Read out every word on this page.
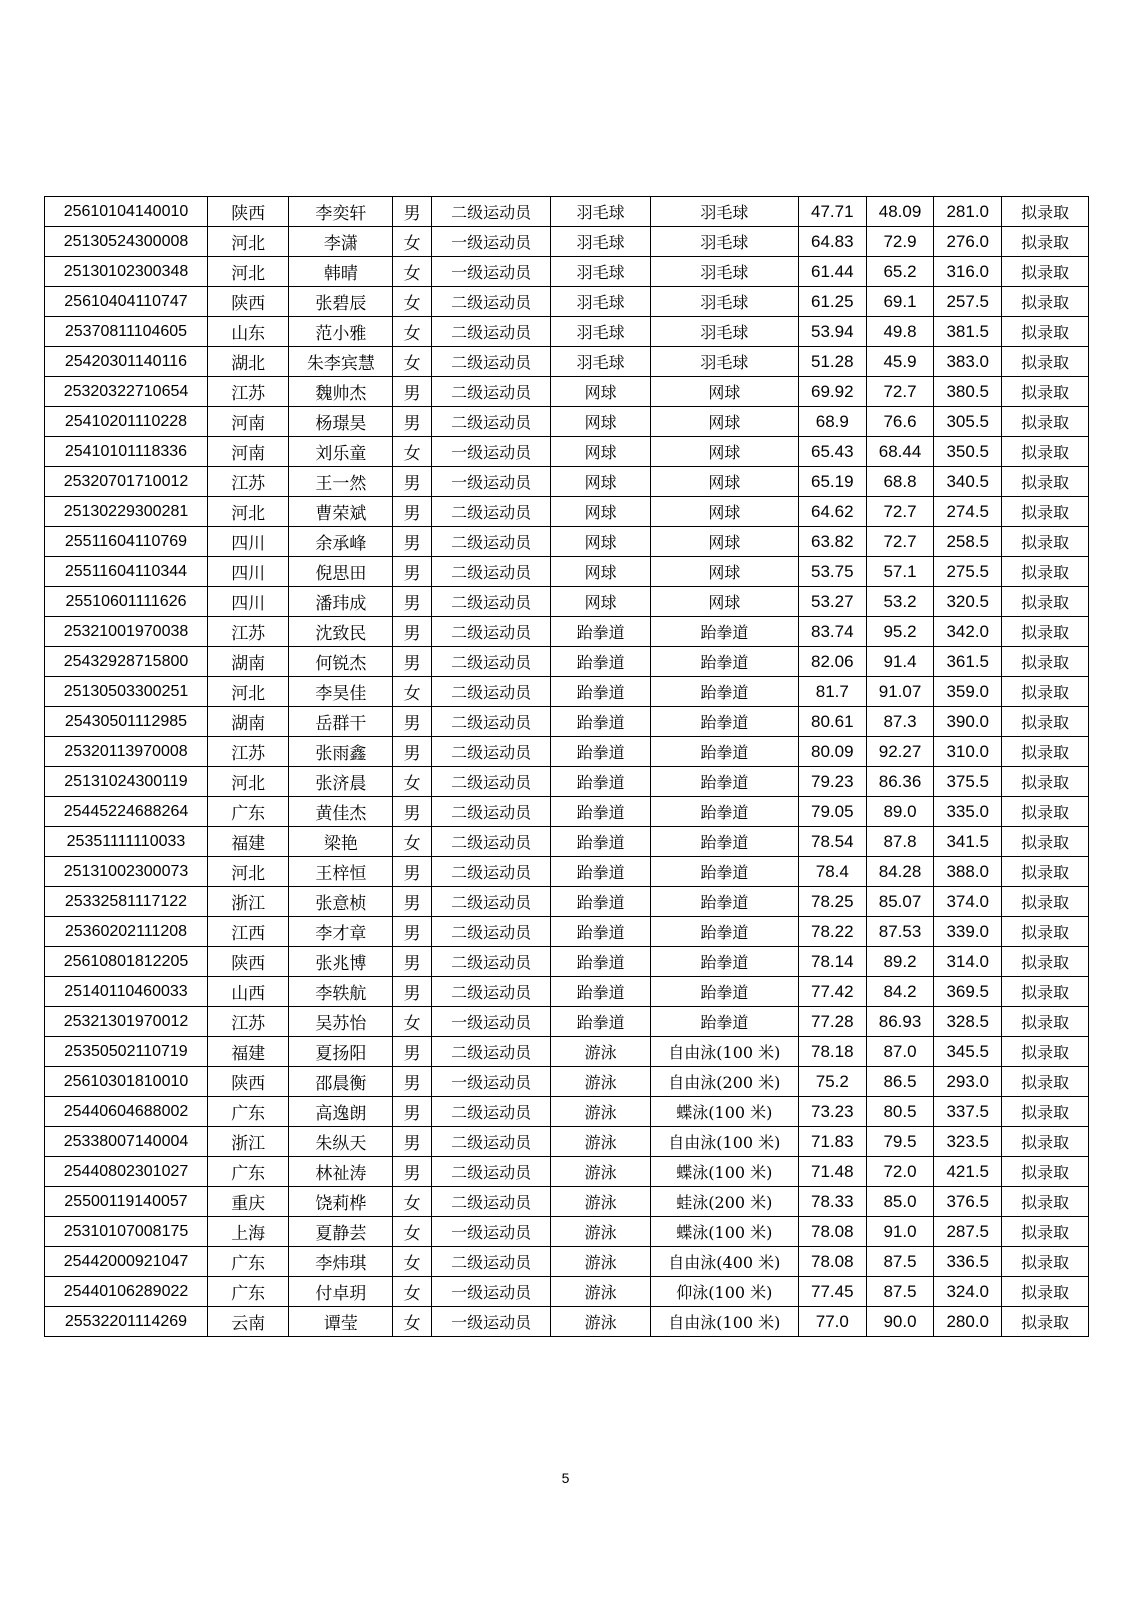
25610104140010	陕西	李奕轩	男	二级运动员	羽毛球	羽毛球	47.71	48.09	281.0	拟录取
25130524300008	河北	李潇	女	一级运动员	羽毛球	羽毛球	64.83	72.9	276.0	拟录取
25130102300348	河北	韩晴	女	一级运动员	羽毛球	羽毛球	61.44	65.2	316.0	拟录取
25610404110747	陕西	张碧辰	女	二级运动员	羽毛球	羽毛球	61.25	69.1	257.5	拟录取
25370811104605	山东	范小雅	女	二级运动员	羽毛球	羽毛球	53.94	49.8	381.5	拟录取
25420301140116	湖北	朱李宾慧	女	二级运动员	羽毛球	羽毛球	51.28	45.9	383.0	拟录取
25320322710654	江苏	魏帅杰	男	二级运动员	网球	网球	69.92	72.7	380.5	拟录取
25410201110228	河南	杨璟昊	男	二级运动员	网球	网球	68.9	76.6	305.5	拟录取
25410101118336	河南	刘乐童	女	一级运动员	网球	网球	65.43	68.44	350.5	拟录取
25320701710012	江苏	王一然	男	一级运动员	网球	网球	65.19	68.8	340.5	拟录取
25130229300281	河北	曹荣斌	男	二级运动员	网球	网球	64.62	72.7	274.5	拟录取
25511604110769	四川	余承峰	男	二级运动员	网球	网球	63.82	72.7	258.5	拟录取
25511604110344	四川	倪思田	男	二级运动员	网球	网球	53.75	57.1	275.5	拟录取
25510601111626	四川	潘玮成	男	二级运动员	网球	网球	53.27	53.2	320.5	拟录取
25321001970038	江苏	沈致民	男	二级运动员	跆拳道	跆拳道	83.74	95.2	342.0	拟录取
25432928715800	湖南	何锐杰	男	二级运动员	跆拳道	跆拳道	82.06	91.4	361.5	拟录取
25130503300251	河北	李昊佳	女	二级运动员	跆拳道	跆拳道	81.7	91.07	359.0	拟录取
25430501112985	湖南	岳群干	男	二级运动员	跆拳道	跆拳道	80.61	87.3	390.0	拟录取
25320113970008	江苏	张雨鑫	男	二级运动员	跆拳道	跆拳道	80.09	92.27	310.0	拟录取
25131024300119	河北	张济晨	女	二级运动员	跆拳道	跆拳道	79.23	86.36	375.5	拟录取
25445224688264	广东	黄佳杰	男	二级运动员	跆拳道	跆拳道	79.05	89.0	335.0	拟录取
25351111110033	福建	梁艳	女	二级运动员	跆拳道	跆拳道	78.54	87.8	341.5	拟录取
25131002300073	河北	王梓恒	男	二级运动员	跆拳道	跆拳道	78.4	84.28	388.0	拟录取
25332581117122	浙江	张意桢	男	二级运动员	跆拳道	跆拳道	78.25	85.07	374.0	拟录取
25360202111208	江西	李才章	男	二级运动员	跆拳道	跆拳道	78.22	87.53	339.0	拟录取
25610801812205	陕西	张兆博	男	二级运动员	跆拳道	跆拳道	78.14	89.2	314.0	拟录取
25140110460033	山西	李轶航	男	二级运动员	跆拳道	跆拳道	77.42	84.2	369.5	拟录取
25321301970012	江苏	吴苏怡	女	一级运动员	跆拳道	跆拳道	77.28	86.93	328.5	拟录取
25350502110719	福建	夏扬阳	男	二级运动员	游泳	自由泳(100 米)	78.18	87.0	345.5	拟录取
25610301810010	陕西	邵晨衡	男	一级运动员	游泳	自由泳(200 米)	75.2	86.5	293.0	拟录取
25440604688002	广东	高逸朗	男	二级运动员	游泳	蝶泳(100 米)	73.23	80.5	337.5	拟录取
25338007140004	浙江	朱纵天	男	二级运动员	游泳	自由泳(100 米)	71.83	79.5	323.5	拟录取
25440802301027	广东	林祉涛	男	二级运动员	游泳	蝶泳(100 米)	71.48	72.0	421.5	拟录取
25500119140057	重庆	饶莉桦	女	二级运动员	游泳	蛙泳(200 米)	78.33	85.0	376.5	拟录取
25310107008175	上海	夏静芸	女	一级运动员	游泳	蝶泳(100 米)	78.08	91.0	287.5	拟录取
25442000921047	广东	李炜琪	女	二级运动员	游泳	自由泳(400 米)	78.08	87.5	336.5	拟录取
25440106289022	广东	付卓玥	女	一级运动员	游泳	仰泳(100 米)	77.45	87.5	324.0	拟录取
25532201114269	云南	谭莹	女	一级运动员	游泳	自由泳(100 米)	77.0	90.0	280.0	拟录取
5
